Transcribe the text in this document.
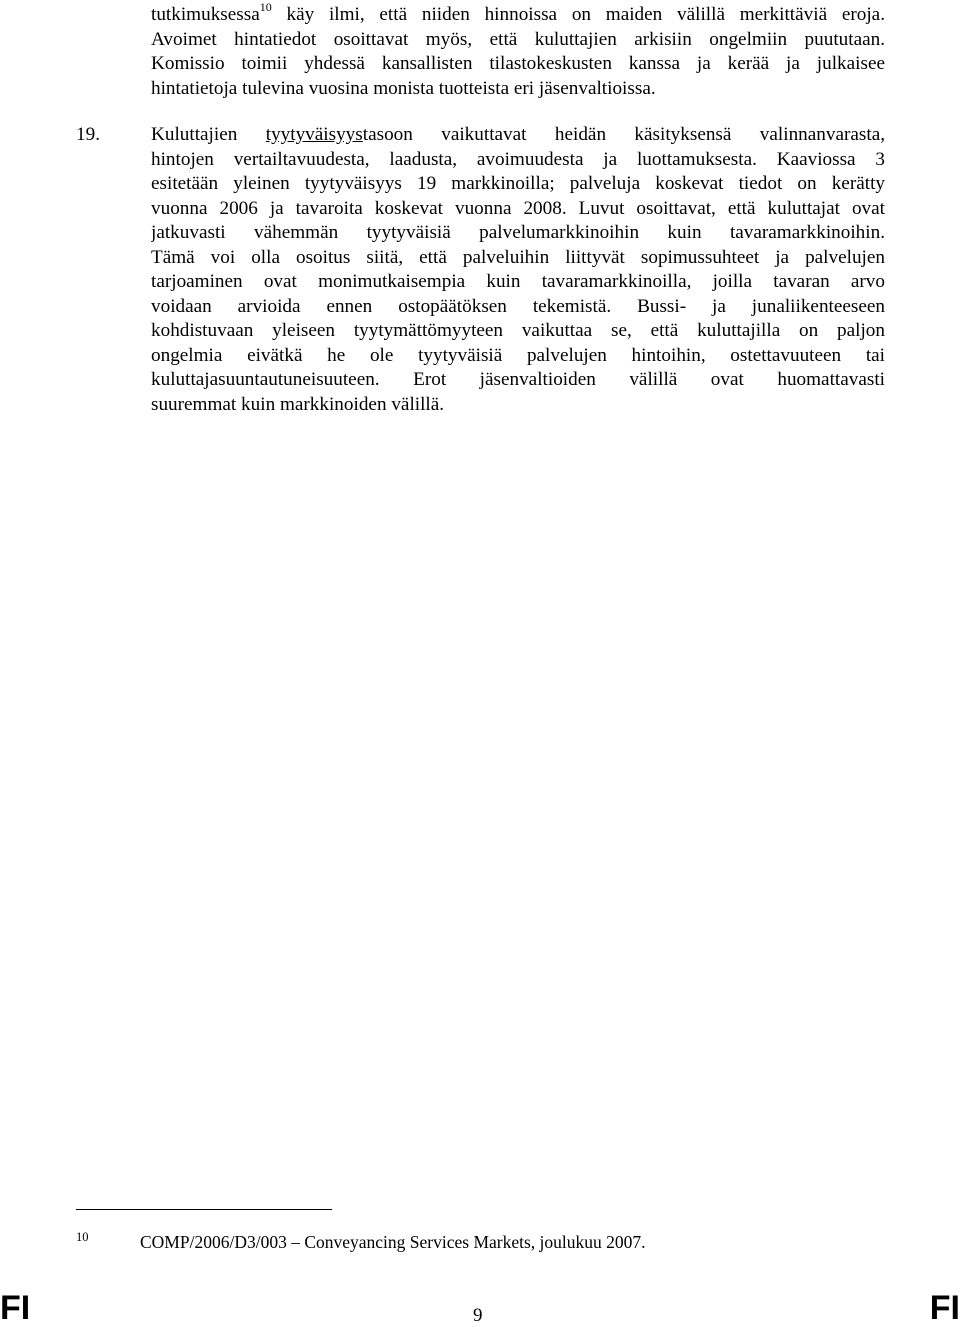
tutkimuksessa$^{10}$ käy ilmi, että niiden hinnoissa on maiden välillä merkittäviä eroja.
Avoimet hintatiedot osoittavat myös, että kuluttajien arkisiin ongelmiin puututaan.
Komissio toimii yhdessä kansallisten tilastokeskusten kanssa ja kerää ja julkaisee
hintatietoja tulevina vuosina monista tuotteista eri jäsenvaltioissa.
19.	Kuluttajien tyytyväisyystasoon vaikuttavat heidän käsityksensä valinnanvarasta,
hintojen vertailtavuudesta, laadusta, avoimuudesta ja luottamuksesta. Kaaviossa 3
esitetään yleinen tyytyväisyys 19 markkinoilla; palveluja koskevat tiedot on kerätty
vuonna 2006 ja tavaroita koskevat vuonna 2008. Luvut osoittavat, että kuluttajat ovat
jatkuvasti vähemmän tyytyväisiä palvelumarkkinoihin kuin tavaramarkkinoihin.
Tämä voi olla osoitus siitä, että palveluihin liittyvät sopimussuhteet ja palvelujen
tarjoaminen ovat monimutkaisempia kuin tavaramarkkinoilla, joilla tavaran arvo
voidaan arvioida ennen ostopäätöksen tekemistä. Bussi- ja junaliikenteeseen
kohdistuvaan yleiseen tyytymättömyyteen vaikuttaa se, että kuluttajilla on paljon
ongelmia eivätkä he ole tyytyväisiä palvelujen hintoihin, ostettavuuteen tai
kuluttajasuuntautuneisuuteen. Erot jäsenvaltioiden välillä ovat huomattavasti
suuremmat kuin markkinoiden välillä.
10	COMP/2006/D3/003 – Conveyancing Services Markets, joulukuu 2007.
FI	9	FI
